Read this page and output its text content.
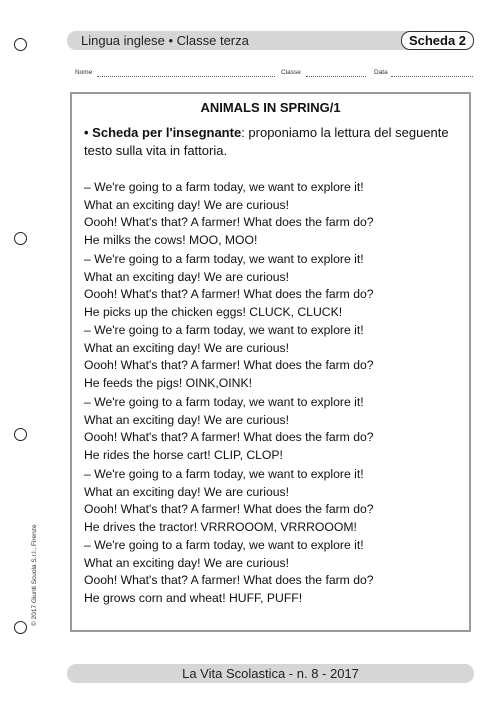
Lingua inglese • Classe terza	Scheda 2
Nome	Classe	Data
ANIMALS IN SPRING/1
• Scheda per l'insegnante: proponiamo la lettura del seguente testo sulla vita in fattoria.
– We're going to a farm today, we want to explore it!
What an exciting day! We are curious!
Oooh! What's that? A farmer! What does the farm do?
He milks the cows! MOO, MOO!
– We're going to a farm today, we want to explore it!
What an exciting day! We are curious!
Oooh! What's that? A farmer! What does the farm do?
He picks up the chicken eggs! CLUCK, CLUCK!
– We're going to a farm today, we want to explore it!
What an exciting day! We are curious!
Oooh! What's that? A farmer! What does the farm do?
He feeds the pigs! OINK,OINK!
– We're going to a farm today, we want to explore it!
What an exciting day! We are curious!
Oooh! What's that? A farmer! What does the farm do?
He rides the horse cart! CLIP, CLOP!
– We're going to a farm today, we want to explore it!
What an exciting day! We are curious!
Oooh! What's that? A farmer! What does the farm do?
He drives the tractor! VRRROOOM, VRRROOOM!
– We're going to a farm today, we want to explore it!
What an exciting day! We are curious!
Oooh! What's that? A farmer! What does the farm do?
He grows corn and wheat! HUFF, PUFF!
© 2017 Giunti Scuola S.r.l., Firenze
La Vita Scolastica - n. 8 - 2017
